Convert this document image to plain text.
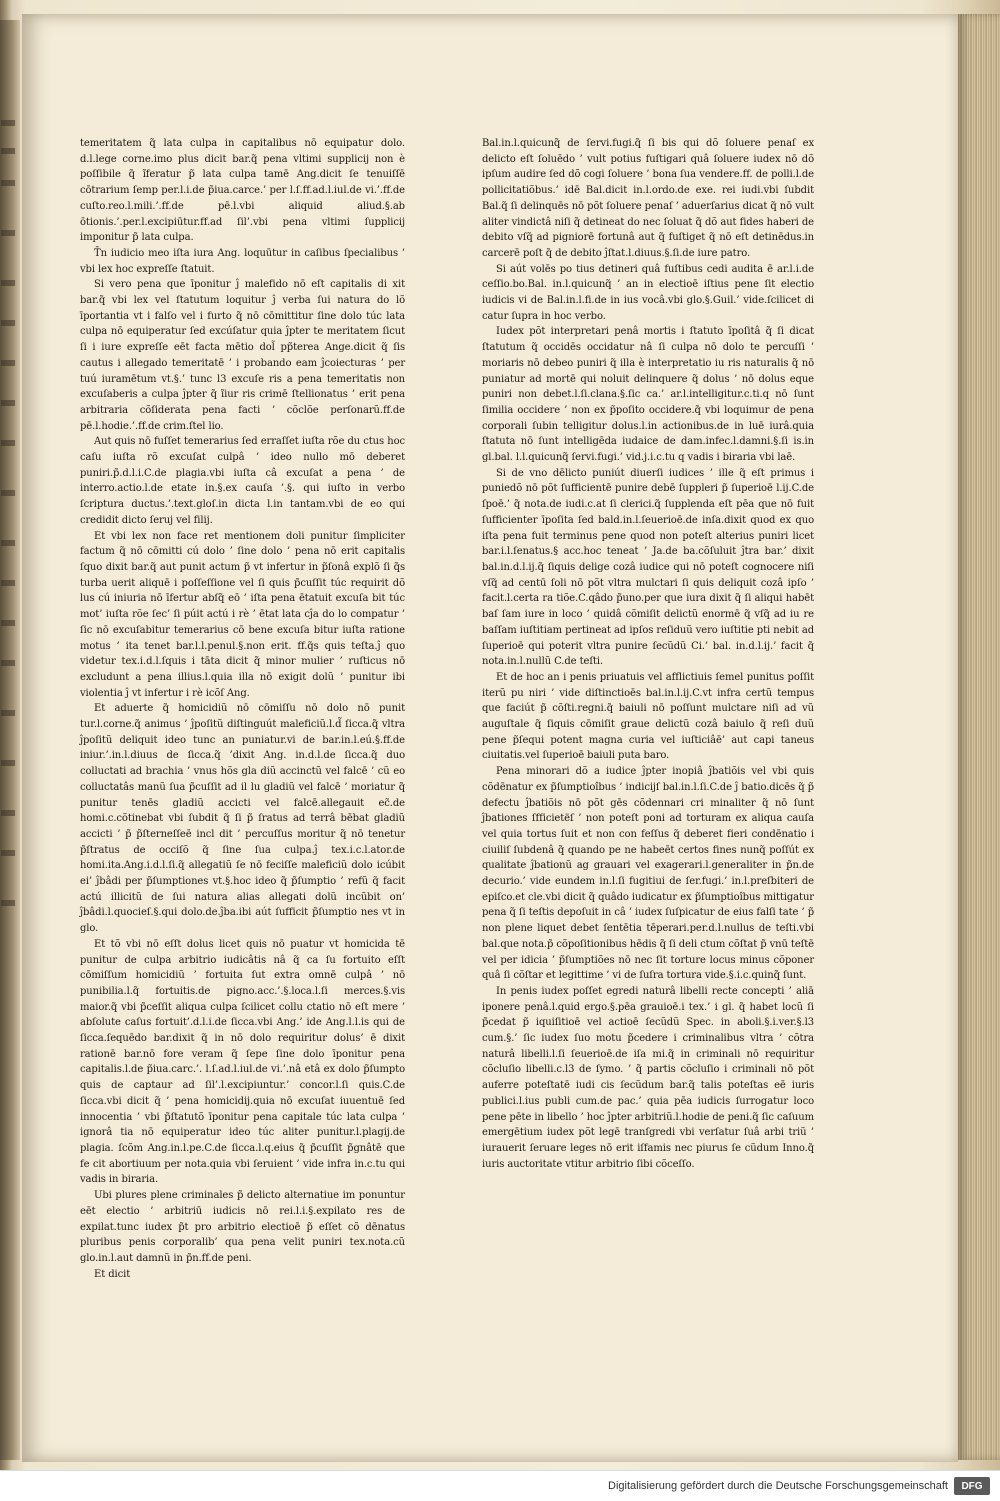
temeritatem q̃ lata culpa in capitalibus nō equipatur dolo. d.l.lege corne.imo plus dicit bar.q̃ pena vltimi supplicij non è poſſibile q̃ ĩferatur p̃ lata culpa tamē Ang.dicit ſe tenuiſſē cōtrarium ſemp per.l.i.de p̃iua.carce.’ per l.ſ.ff.ad.l.iul.de vi.’.ff.de cuſto.reo.l.mili.’.ff.de pē.l.vbi aliquid aliud.§.ab ōtionis.’.per.l.excipiūtur.ff.ad ſil’.vbi pena vltimi ſupplicij imponitur p̃ lata culpa.

T̄n iudicio meo iſta iura Ang. loquūtur in caſibus ſpecialibus ’ vbi lex hoc expreſſe ſtatuit.

Si vero pena que īponitur ĵ malefido nō eſt capitalis di xit bar.q̃ vbi lex vel ſtatutum loquitur ĵ verba ſui natura do lõ īportantia vt i falſo vel i furto q̃ nō cōmittitur ſine dolo túc lata culpa nō equiperatur ſed excúſatur quia ĵpter te meritatem ſicut ſi i iure expreſſe eēt facta mētio dol̃ pp̃terea Ange.dicit q̃ ſis cautus i allegado temeritatē ’ i probando eam ĵcoiecturas ’ per tuú iuramētum vt.§.’ tunc l3 excuſe ris a pena temeritatis non excuſaberis a culpa ĵpter q̃ ĩiur ris crimē ſtellionatus ’ erit pena arbitraria cõſiderata pena facti ’ cõclõe perſonarũ.ff.de pē.l.hodie.’.ff.de crim.ſtel lio.

Aut quis nō fuſſet temerarius ſed erraſſet iuſta rõe du ctus hoc caſu iuſta rõ excuſat culpâ ’ ideo nullo mō deberet puniri.p̃.d.l.i.C.de plagia.vbi iuſta câ excuſat a pena ’ de interro.actio.l.de etate in.§.ex cauſa ’.§. qui iuſto in verbo ſcriptura ductus.’.text.gloſ.in dicta l.in tantam.vbi de eo qui credidit dicto ſeruj vel filij.

Et vbi lex non face ret mentionem doli punitur ſimpliciter factum q̃ nō cōmitti cú dolo ’ ſine dolo ’ pena nō erit capitalis ſquo dixit bar.q̃ aut punit actum p̃ vt infertur in p̃ſonâ explõ ſi q̃s turba uerit aliquē i poſſeſſione vel ſi quis p̃cuſſit túc requirit dõ lus cú iniuria nō īfertur abſq̃ eō ’ iſta pena ētatuit excuſa bit túc mot’ iuſta rõe ſec’ ſi púit actú i rè ’ ētat lata cĵa do lo compatur ’ ſic nō excuſabitur temerarius cō bene excuſa bitur iuſta ratione motus ’ ita tenet bar.l.l.penul.§.non erit. ff.q̃s quis teſta.ĵ quo videtur tex.i.d.l.ſquis i tāta dicit q̃ minor mulier ’ ruſticus nō excludunt a pena illius.l.quia illa nō exigit dolũ ’ punitur ibi violentia ĵ vt infertur i rè icõſ Ang.

Et aduerte q̃ homicidiũ nō cōmiſſu nō dolo nō punit tur.l.corne.q̃ animus ’ ĵpoſitũ diſtinguút maleficiũ.l.d̃ ſicca.q̃ vltra ĵpoſitũ deliquit ideo tunc an puniatur.vi de bar.in.l.eú.§.ff.de iniur.’.in.l.diuus de ſicca.q̃ ’dixit Ang. in.d.l.de ſicca.q̃ duo colluctati ad brachia ’ vnus hõs gla diũ accinctũ vel falcē ’ cũ eo colluctatâs manũ ſua p̃cuſſit ad il lu gladiũ vel falcē ’ moriatur q̃ punitur tenēs gladiũ accicti vel falcē.allegauit ec̃.de homi.c.cõtinebat vbi ſubdit q̃ ſi p̃ ſratus ad terrâ bēbat gladiũ accicti ’ p̃ p̃ſterneſſeē incl dit ’ percuſſus moritur q̃ nō tenetur p̃ſtratus de occiſõ q̃ ſine ſua culpa.ĵ tex.i.c.l.ator.de homi.ita.Ang.i.d.l.ſi.q̃ allegatiũ ſe nō feciſſe maleficiũ dolo icúbit ei’ ĵbâdi per p̃ſumptiones vt.§.hoc ideo q̃ p̃ſumptio ’ refũ q̃ facit actú illicitũ de ſui natura alias allegati dolũ incũbit on’ ĵbâdi.l.quocieſ.§.qui dolo.de.ĵba.ibi aút ſufficit p̃ſumptio nes vt in glo.

Et tõ vbi nō eſſt dolus licet quis nō puatur vt homicida tē punitur de culpa arbitrio iudicâtis nâ q̃ ca ſu fortuito eſſt cōmiſſum homicidiũ ’ fortuita ſut extra omnē culpâ ’ nō punibilia.l.q̃ fortuitis.de pigno.acc.’.§.loca.l.ſi merces.§.vis maior.q̃ vbi p̃ceſſit aliqua culpa ſcilicet collu ctatio nō eſt mere ’ abſolute caſus fortuit’.d.l.i.de ſicca.vbi Ang.’ ide Ang.l.l.is qui de ſicca.ſequēdo bar.dixit q̃ in nō dolo requiritur dolus’ ē dixit rationē bar.nō fore veram q̃ ſepe ſine dolo īponitur pena capitalis.l.de p̃iua.carc.’. l.ſ.ad.l.iul.de vi.’.nâ etâ ex dolo p̃ſumpto quis de captaur ad ſil’.l.excipiuntur.’ concor.l.ſi quis.C.de ſicca.vbi dicit q̃ ’ pena homicidij.quia nō excuſat iuuentuē ſed innocentia ’ vbi p̃ſtatutõ īponitur pena capitale túc lata culpa ’ ignorâ tia nō equiperatur ideo túc aliter punitur.l.plagij.de plagia. ſcõm Ang.in.l.pe.C.de ſicca.l.q.eius q̃ p̃cuſſit p̃gnâtē que fe cit abortiuum per nota.quia vbi ſeruient ’ vide infra in.c.tu qui vadis in biraria.

Ubi plures plene criminales p̃ delicto alternatiue im ponuntur eēt electio ’ arbitriū iudicis nō rei.l.i.§.expilato res de expilat.tunc iudex p̃t pro arbitrio electioē p̃ eſſet cõ dēnatus pluribus penis corporalib’ qua pena velit puniri tex.nota.cũ glo.in.l.aut damnũ in p̃n.ff.de peni.

Et dicit

Bal.in.l.quicunq̃ de ſervi.fugi.q̃ ſi bis qui dõ ſoluere penaſ ex delicto eſt ſoluēdo ’ vult potius fuſtigari quâ ſoluere iudex nō dõ ipſum audire ſed dõ cogi ſoluere ’ bona ſua vendere.ff. de polli.l.de pollicitatiõbus.’ idē Bal.dicit in.l.ordo.de exe. rei iudi.vbi ſubdit Bal.q̃ ſi delinquēs nō põt ſoluere penaſ ’ aduerſarius dicat q̃ nō vult aliter vindictâ niſi q̃ detineat do nec ſoluat q̃ dõ aut fides haberi de debito vſq̃ ad pigniorē fortunâ aut q̃ fuſtiget q̃ nō eſt detinēdus.in carcerē poſt q̃ de debito ĵſtat.l.diuus.§.ſi.de iure patro.

Si aút volēs po tius detineri quâ fuſtibus cedi audita ē ar.l.i.de ceſſio.bo.Bal. in.l.quicunq̃ ’ an in electioē iſtius pene ſit electio iudicis vi de Bal.in.l.fi.de in ius vocâ.vbi glo.§.Guil.’ vide.ſcilicet di catur ſupra in hoc verbo.

Iudex põt interpretari penâ mortis i ſtatuto īpoſitâ q̃ ſi dicat ſtatutum q̃ occidēs occidatur nâ ſi culpa nō dolo te percuſſi ’ moriaris nō debeo puniri q̃ illa è interpretatio iu ris naturalis q̃ nō puniatur ad mortē qui noluit delinquere q̃ dolus ’ nō dolus eque puniri non debet.l.ſi.clana.§.ſic ca.’ ar.l.intelligitur.c.ti.q nō ſunt ſimilia occidere ’ non ex p̃poſito occidere.q̃ vbi loquimur de pena corporali ſubin telligitur dolus.l.in actionibus.de in luē iurâ.quia ſtatuta nō ſunt intelligēda iudaice de dam.infec.l.damni.§.ſi is.in gl.bal. l.l.quicunq̃ ſervi.fugi.’ vid.j.i.c.tu q vadis i biraria vbi laē.

Si de vno dēlicto puniút diuerſi iudices ’ ille q̃ eſt primus i puniedõ nō põt ſufficientē punire debē ſuppleri p̃ ſuperioē l.ij.C.de ſpoē.’ q̃ nota.de iudi.c.at ſi clerici.q̃ ſupplenda eſt pēa que nō fuit ſufficienter īpoſita ſed bald.in.l.ſeuerioē.de inſa.dixit quod ex quo iſta pena fuit terminus pene quod non poteſt alterius puniri licet bar.i.l.ſenatus.§ acc.hoc teneat ’ Ja.de ba.cõſuluit ĵtra bar.’ dixit bal.in.d.l.ij.q̃ ſiquis delige cozâ iudice qui nō poteſt cognocere niſi vſq̃ ad centū ſoli nō põt vltra mulctari ſi quis deliquit cozâ ipſo ’ facit.l.certa ra tiõe.C.qâdo p̃uno.per que iura dixit q̃ ſi aliqui habēt baſ ſam iure in loco ’ quidâ cõmiſit delictũ enormē q̃ vſq̃ ad iu re baſſam iuſtitiam pertineat ad ipſos reſiduũ vero iuſtitie pti nebit ad ſuperioē qui poterit vltra punire ſecũdũ Ci.’ bal. in.d.l.ij.’ facit q̃ nota.in.l.nullũ C.de teſti.

Et de hoc an i penis priuatuis vel afflictiuis ſemel punitus poſſit iterũ pu niri ’ vide diſtinctioēs bal.in.l.ij.C.vt infra certũ tempus que faciút p̃ cõſti.regni.q̃ baiuli nō poſſunt mulctare niſi ad vũ auguſtale q̃ ſiquis cōmiſit graue delictũ cozâ baiulo q̃ reſi duũ pene p̃ſequi potent magna curia vel iuſticiâē’ aut capi taneus ciuitatis.vel ſuperioē baiuli puta baro.

Pena minorari dõ a iudice ĵpter inopiâ ĵbatiõis vel vbi quis cõdēnatur ex p̃ſumptioîbus ’ indicijſ bal.in.l.ſi.C.de ĵ batio.dicēs q̃ p̃ defectu ĵbatiõis nō põt gēs cõdennari cri minaliter q̃ nō ſunt ĵbationes ſfficietëſ ’ non poteſt poni ad torturam ex aliqua cauſa vel quia tortus ſuit et non con feſſus q̃ deberet fieri condēnatio i ciuiliſ ſubdenâ q̃ quando pe ne habeēt certos fines nunq̃ poſſút ex qualitate ĵbationũ ag grauari vel exagerari.l.generaliter in p̃n.de decurio.’ vide eundem in.l.ſi fugitiui de ſer.fugi.’ in.l.preſbiteri de epiſco.et cle.vbi dicit q̃ quâdo iudicatur ex p̃ſumptioîbus mittigatur pena q̃ ſi teſtis depoſuit in câ ’ iudex ſuſpicatur de eius falſi tate ’ p̃ non plene liquet debet ſentētia tēperari.per.d.l.nullus de teſti.vbi bal.que nota.p̃ cõpoſitionibus hēdis q̃ ſi deli ctum cõſtat p̃ vnū teſtē vel per idicia ’ p̃ſumptiões nō nec ſit torture locus minus cõponer quâ ſi cõſtar et legittime ’ vi de ſuſra tortura vide.§.i.c.quinq̃ ſunt.

In penis iudex poſſet egredi naturâ libelli recte concepti ’ aliā iponere penâ.l.quid ergo.§.pēa grauioē.i tex.’ i gl. q̃ habet locũ ſi p̃cedat p̃ iquiſitioē vel actioē ſecũdũ Spec. in aboli.§.i.ver.§.l3 cum.§.’ ſic iudex ſuo motu p̃cedere i criminalibus vltra ’ cõtra naturâ libelli.l.ſi ſeuerioē.de iſa mi.q̃ in criminali nō requiritur cõcluſio libelli.c.l3 de ſymo. ’ q̃ partis cõcluſio i criminali nō põt auferre poteſtatē iudi cis ſecũdum bar.q̃ talis poteſtas eē iuris publici.l.ius publi cum.de pac.’ quia pēa iudicis ſurrogatur loco pene pēte in libello ’ hoc ĵpter arbitriũ.l.hodie de peni.q̃ ſic caſuum emergētium iudex põt legē tranſgredi vbi verſatur ſuâ arbi triũ ’ iurauerit ſeruare leges nō erit iſfamis nec piurus ſe cũdum Inno.q̃ iuris auctoritate vtitur arbitrio ſibi cõceſſo.

Digitalisierung gefördert durch die Deutsche Forschungsgemeinschaft	DFG
